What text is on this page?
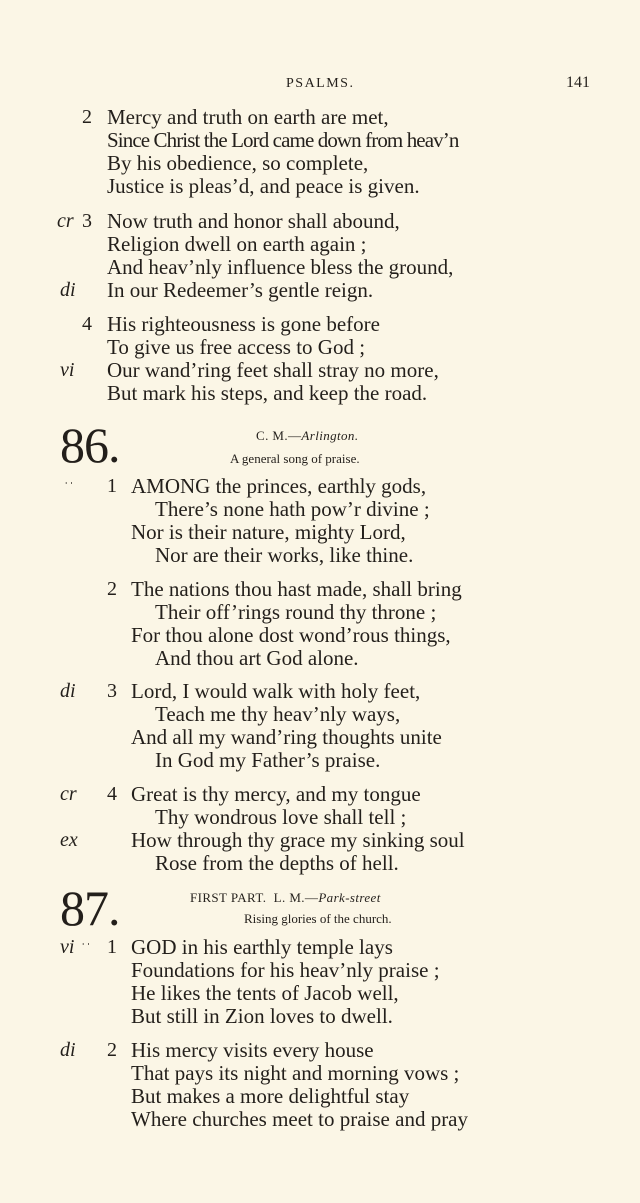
PSALMS.	141
2 Mercy and truth on earth are met,
Since Christ the Lord came down from heav’n
By his obedience, so complete,
Justice is pleas’d, and peace is given.
cr 3 Now truth and honor shall abound,
Religion dwell on earth again ;
And heav’nly influence bless the ground,
di In our Redeemer’s gentle reign.
4 His righteousness is gone before
To give us free access to God ;
vi Our wand’ring feet shall stray no more,
But mark his steps, and keep the road.
86.	C. M.—Arlington.
A general song of praise.
ˈˈ 1 AMONG the princes, earthly gods,
There’s none hath pow’r divine ;
Nor is their nature, mighty Lord,
Nor are their works, like thine.
2 The nations thou hast made, shall bring
Their off’rings round thy throne ;
For thou alone dost wond’rous things,
And thou art God alone.
di 3 Lord, I would walk with holy feet,
Teach me thy heav’nly ways,
And all my wand’ring thoughts unite
In God my Father’s praise.
cr 4 Great is thy mercy, and my tongue
Thy wondrous love shall tell ;
ex	How through thy grace my sinking soul
Rose from the depths of hell.
87.	FIRST PART. L. M.—Park-street
Rising glories of the church.
vi ˈˈ 1 GOD in his earthly temple lays
Foundations for his heav’nly praise ;
He likes the tents of Jacob well,
But still in Zion loves to dwell.
di 2 His mercy visits every house
That pays its night and morning vows ;
But makes a more delightful stay
Where churches meet to praise and pray
